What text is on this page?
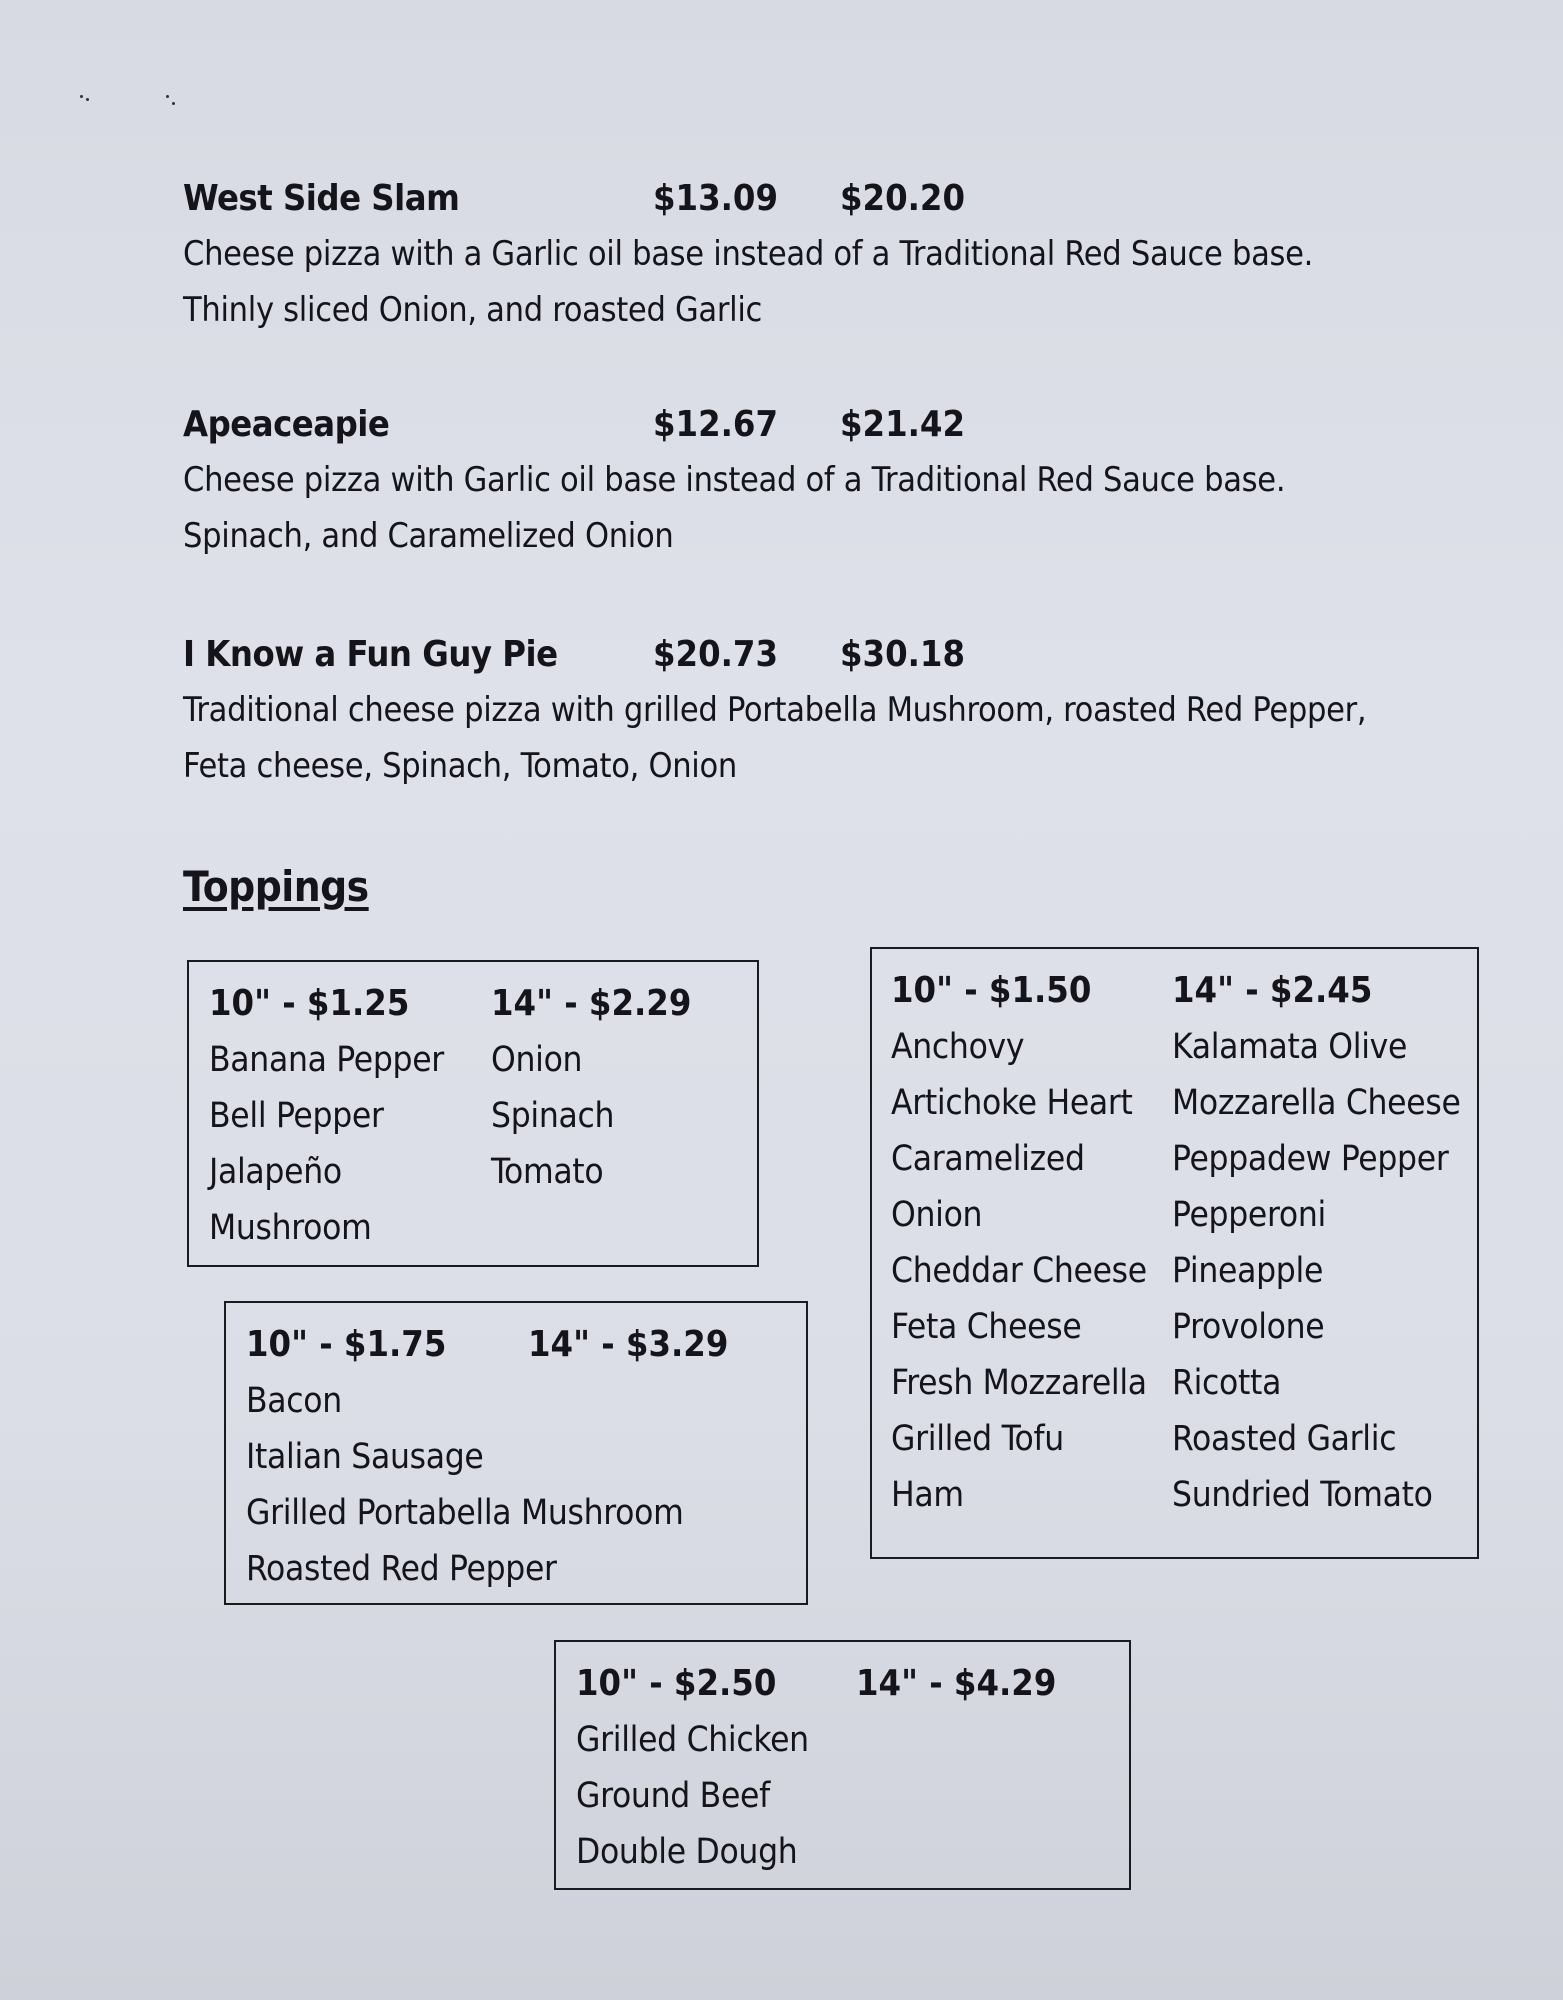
West Side Slam	$13.09 $20.20
Cheese pizza with a Garlic oil base instead of a Traditional Red Sauce base. Thinly sliced Onion, and roasted Garlic
Apeaceapie	$12.67 $21.42
Cheese pizza with Garlic oil base instead of a Traditional Red Sauce base. Spinach, and Caramelized Onion
I Know a Fun Guy Pie	$20.73 $30.18
Traditional cheese pizza with grilled Portabella Mushroom, roasted Red Pepper, Feta cheese, Spinach, Tomato, Onion
Toppings
10" - $1.25
Banana Pepper
Bell Pepper
Jalapeño
Mushroom
14" - $2.29
Onion
Spinach
Tomato
10" - $1.75
Bacon
Italian Sausage
Grilled Portabella Mushroom
Roasted Red Pepper
14" - $3.29
10" - $1.50
Anchovy
Artichoke Heart
Caramelized
Onion
Cheddar Cheese
Feta Cheese
Fresh Mozzarella
Grilled Tofu
Ham
14" - $2.45
Kalamata Olive
Mozzarella Cheese
Peppadew Pepper
Pepperoni
Pineapple
Provolone
Ricotta
Roasted Garlic
Sundried Tomato
10" - $2.50
Grilled Chicken
Ground Beef
Double Dough
14" - $4.29
